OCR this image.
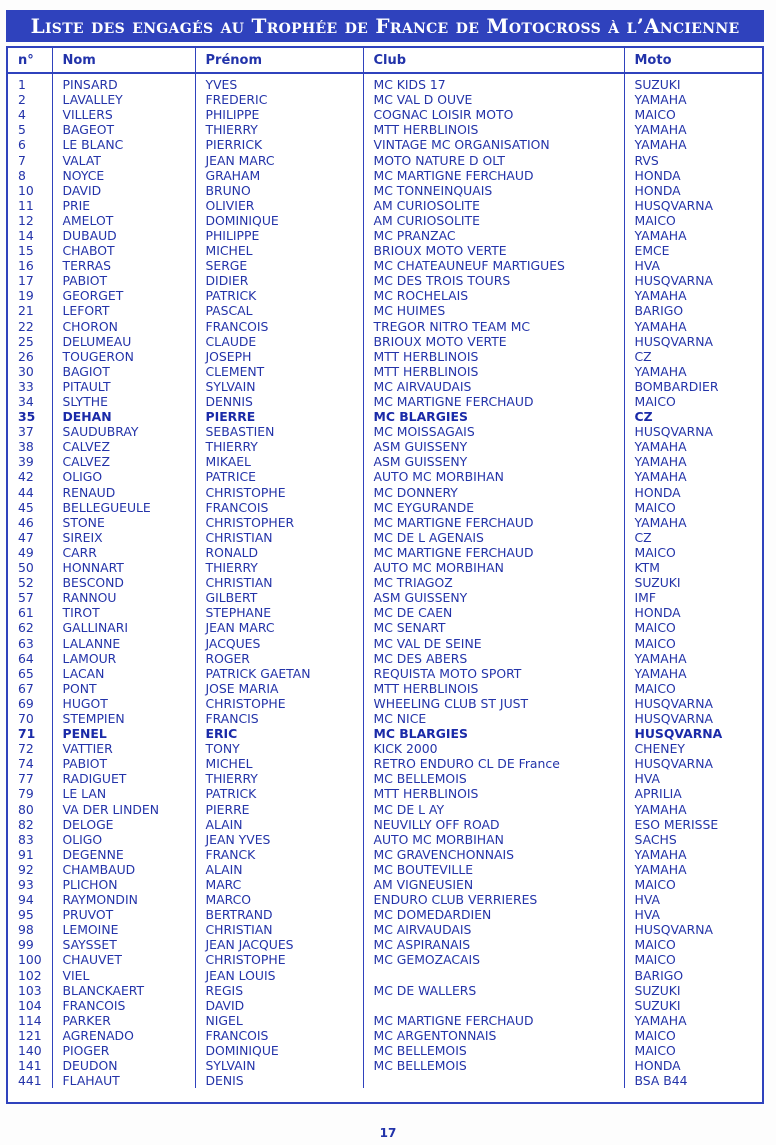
Liste des engagés au Trophée de France de Motocross à l’Ancienne
n°	Nom	Prénom	Club	Moto
1	PINSARD	YVES	MC KIDS 17	SUZUKI
2	LAVALLEY	FREDERIC	MC VAL D OUVE	YAMAHA
4	VILLERS	PHILIPPE	COGNAC LOISIR MOTO	MAICO
5	BAGEOT	THIERRY	MTT HERBLINOIS	YAMAHA
6	LE BLANC	PIERRICK	VINTAGE MC ORGANISATION	YAMAHA
7	VALAT	JEAN MARC	MOTO NATURE D OLT	RVS
8	NOYCE	GRAHAM	MC MARTIGNE FERCHAUD	HONDA
10	DAVID	BRUNO	MC TONNEINQUAIS	HONDA
11	PRIE	OLIVIER	AM CURIOSOLITE	HUSQVARNA
12	AMELOT	DOMINIQUE	AM CURIOSOLITE	MAICO
14	DUBAUD	PHILIPPE	MC PRANZAC	YAMAHA
15	CHABOT	MICHEL	BRIOUX MOTO VERTE	EMCE
16	TERRAS	SERGE	MC CHATEAUNEUF MARTIGUES	HVA
17	PABIOT	DIDIER	MC DES TROIS TOURS	HUSQVARNA
19	GEORGET	PATRICK	MC ROCHELAIS	YAMAHA
21	LEFORT	PASCAL	MC HUIMES	BARIGO
22	CHORON	FRANCOIS	TREGOR NITRO TEAM MC	YAMAHA
25	DELUMEAU	CLAUDE	BRIOUX MOTO VERTE	HUSQVARNA
26	TOUGERON	JOSEPH	MTT HERBLINOIS	CZ
30	BAGIOT	CLEMENT	MTT HERBLINOIS	YAMAHA
33	PITAULT	SYLVAIN	MC AIRVAUDAIS	BOMBARDIER
34	SLYTHE	DENNIS	MC MARTIGNE FERCHAUD	MAICO
35	DEHAN	PIERRE	MC BLARGIES	CZ
37	SAUDUBRAY	SEBASTIEN	MC MOISSAGAIS	HUSQVARNA
38	CALVEZ	THIERRY	ASM GUISSENY	YAMAHA
39	CALVEZ	MIKAEL	ASM GUISSENY	YAMAHA
42	OLIGO	PATRICE	AUTO MC MORBIHAN	YAMAHA
44	RENAUD	CHRISTOPHE	MC DONNERY	HONDA
45	BELLEGUEULE	FRANCOIS	MC EYGURANDE	MAICO
46	STONE	CHRISTOPHER	MC MARTIGNE FERCHAUD	YAMAHA
47	SIREIX	CHRISTIAN	MC DE L AGENAIS	CZ
49	CARR	RONALD	MC MARTIGNE FERCHAUD	MAICO
50	HONNART	THIERRY	AUTO MC MORBIHAN	KTM
52	BESCOND	CHRISTIAN	MC TRIAGOZ	SUZUKI
57	RANNOU	GILBERT	ASM GUISSENY	IMF
61	TIROT	STEPHANE	MC DE CAEN	HONDA
62	GALLINARI	JEAN MARC	MC SENART	MAICO
63	LALANNE	JACQUES	MC VAL DE SEINE	MAICO
64	LAMOUR	ROGER	MC DES ABERS	YAMAHA
65	LACAN	PATRICK GAETAN	REQUISTA MOTO SPORT	YAMAHA
67	PONT	JOSE MARIA	MTT HERBLINOIS	MAICO
69	HUGOT	CHRISTOPHE	WHEELING CLUB ST JUST	HUSQVARNA
70	STEMPIEN	FRANCIS	MC NICE	HUSQVARNA
71	PENEL	ERIC	MC BLARGIES	HUSQVARNA
72	VATTIER	TONY	KICK 2000	CHENEY
74	PABIOT	MICHEL	RETRO ENDURO CL DE France	HUSQVARNA
77	RADIGUET	THIERRY	MC BELLEMOIS	HVA
79	LE LAN	PATRICK	MTT HERBLINOIS	APRILIA
80	VA DER LINDEN	PIERRE	MC DE L AY	YAMAHA
82	DELOGE	ALAIN	NEUVILLY OFF ROAD	ESO MERISSE
83	OLIGO	JEAN YVES	AUTO MC MORBIHAN	SACHS
91	DEGENNE	FRANCK	MC GRAVENCHONNAIS	YAMAHA
92	CHAMBAUD	ALAIN	MC BOUTEVILLE	YAMAHA
93	PLICHON	MARC	AM VIGNEUSIEN	MAICO
94	RAYMONDIN	MARCO	ENDURO CLUB VERRIERES	HVA
95	PRUVOT	BERTRAND	MC DOMEDARDIEN	HVA
98	LEMOINE	CHRISTIAN	MC AIRVAUDAIS	HUSQVARNA
99	SAYSSET	JEAN JACQUES	MC ASPIRANAIS	MAICO
100	CHAUVET	CHRISTOPHE	MC GEMOZACAIS	MAICO
102	VIEL	JEAN LOUIS		BARIGO
103	BLANCKAERT	REGIS	MC DE WALLERS	SUZUKI
104	FRANCOIS	DAVID		SUZUKI
114	PARKER	NIGEL	MC MARTIGNE FERCHAUD	YAMAHA
121	AGRENADO	FRANCOIS	MC ARGENTONNAIS	MAICO
140	PIOGER	DOMINIQUE	MC BELLEMOIS	MAICO
141	DEUDON	SYLVAIN	MC BELLEMOIS	HONDA
441	FLAHAUT	DENIS		BSA B44
17
